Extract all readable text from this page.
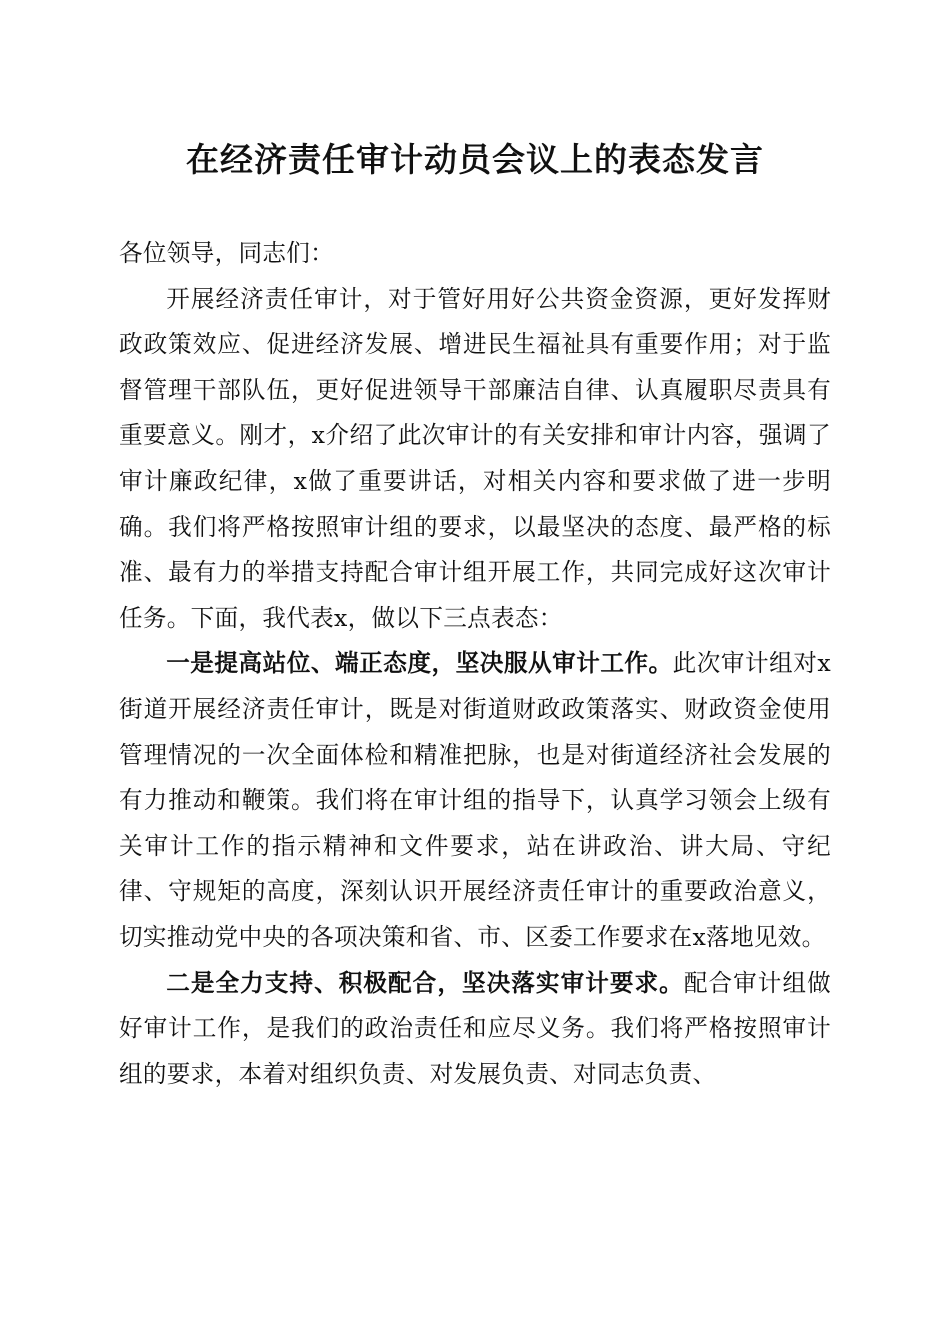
在经济责任审计动员会议上的表态发言

各位领导，同志们：

开展经济责任审计，对于管好用好公共资金资源，更好发挥财政政策效应、促进经济发展、增进民生福祉具有重要作用；对于监督管理干部队伍，更好促进领导干部廉洁自律、认真履职尽责具有重要意义。刚才，x介绍了此次审计的有关安排和审计内容，强调了审计廉政纪律，x做了重要讲话，对相关内容和要求做了进一步明确。我们将严格按照审计组的要求，以最坚决的态度、最严格的标准、最有力的举措支持配合审计组开展工作，共同完成好这次审计任务。下面，我代表x，做以下三点表态：

一是提高站位、端正态度，坚决服从审计工作。此次审计组对x街道开展经济责任审计，既是对街道财政政策落实、财政资金使用管理情况的一次全面体检和精准把脉，也是对街道经济社会发展的有力推动和鞭策。我们将在审计组的指导下，认真学习领会上级有关审计工作的指示精神和文件要求，站在讲政治、讲大局、守纪律、守规矩的高度，深刻认识开展经济责任审计的重要政治意义，切实推动党中央的各项决策和省、市、区委工作要求在x落地见效。

二是全力支持、积极配合，坚决落实审计要求。配合审计组做好审计工作，是我们的政治责任和应尽义务。我们将严格按照审计组的要求，本着对组织负责、对发展负责、对同志负责、
